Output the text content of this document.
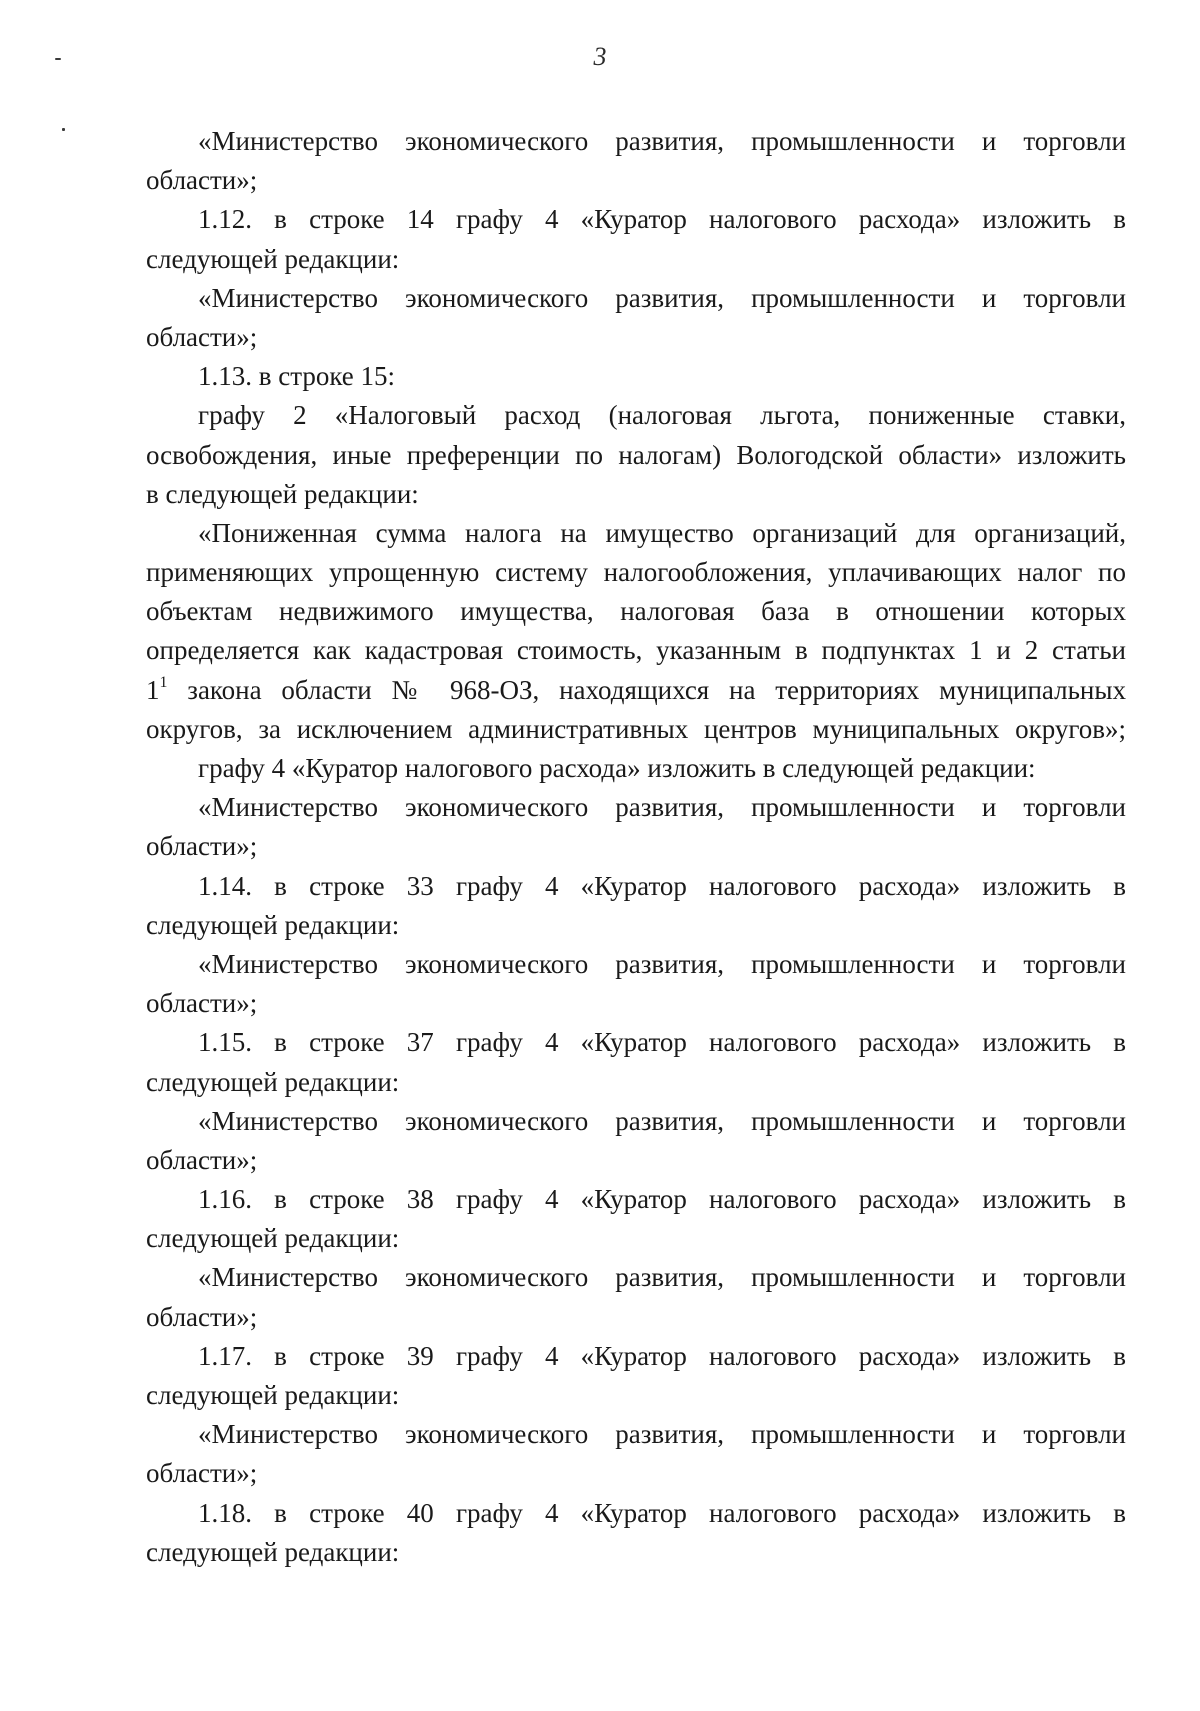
3
«Министерство экономического развития, промышленности и торговли
области»;
1.12. в строке 14 графу 4 «Куратор налогового расхода» изложить в
следующей редакции:
«Министерство экономического развития, промышленности и торговли
области»;
1.13. в строке 15:
графу 2 «Налоговый расход (налоговая льгота, пониженные ставки,
освобождения, иные преференции по налогам) Вологодской области» изложить
в следующей редакции:
«Пониженная сумма налога на имущество организаций для организаций,
применяющих упрощенную систему налогообложения, уплачивающих налог по
объектам недвижимого имущества, налоговая база в отношении которых
определяется как кадастровая стоимость, указанным в подпунктах 1 и 2 статьи
$1^1$ закона области № 968-ОЗ, находящихся на территориях муниципальных
округов, за исключением административных центров муниципальных округов»;
графу 4 «Куратор налогового расхода» изложить в следующей редакции:
«Министерство экономического развития, промышленности и торговли
области»;
1.14. в строке 33 графу 4 «Куратор налогового расхода» изложить в
следующей редакции:
«Министерство экономического развития, промышленности и торговли
области»;
1.15. в строке 37 графу 4 «Куратор налогового расхода» изложить в
следующей редакции:
«Министерство экономического развития, промышленности и торговли
области»;
1.16. в строке 38 графу 4 «Куратор налогового расхода» изложить в
следующей редакции:
«Министерство экономического развития, промышленности и торговли
области»;
1.17. в строке 39 графу 4 «Куратор налогового расхода» изложить в
следующей редакции:
«Министерство экономического развития, промышленности и торговли
области»;
1.18. в строке 40 графу 4 «Куратор налогового расхода» изложить в
следующей редакции:
